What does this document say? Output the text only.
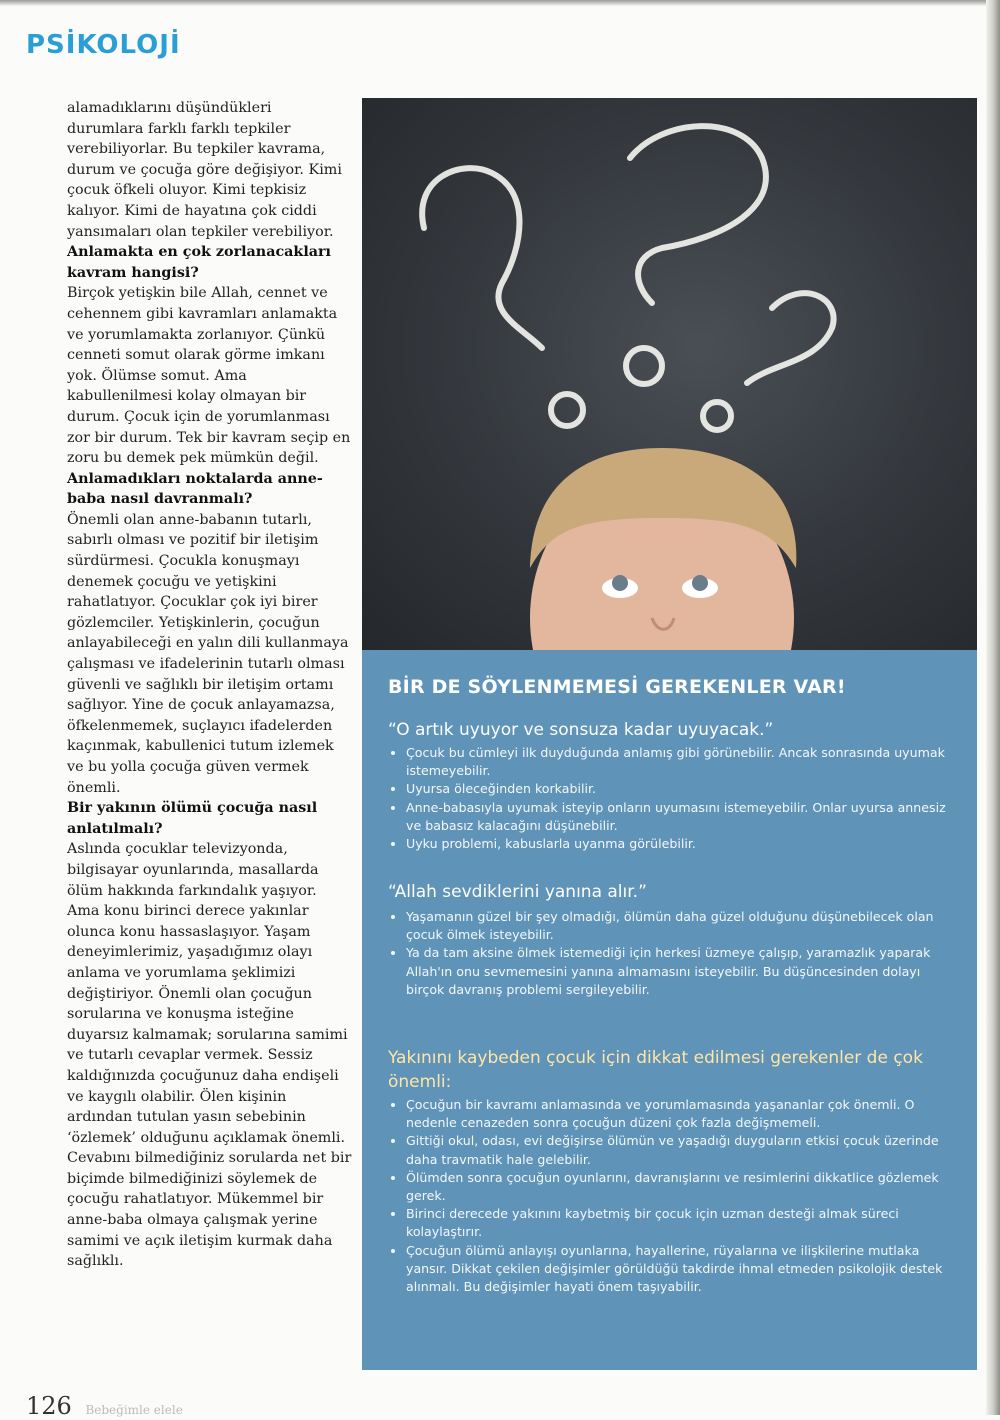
PSİKOLOJİ

alamadıklarını düşündükleri durumlara farklı farklı tepkiler verebiliyorlar. Bu tepkiler kavrama, durum ve çocuğa göre değişiyor. Kimi çocuk öfkeli oluyor. Kimi tepkisiz kalıyor. Kimi de hayatına çok ciddi yansımaları olan tepkiler verebiliyor.

Anlamakta en çok zorlanacakları kavram hangisi?

Birçok yetişkin bile Allah, cennet ve cehennem gibi kavramları anlamakta ve yorumlamakta zorlanıyor. Çünkü cenneti somut olarak görme imkanı yok. Ölümse somut. Ama kabullenilmesi kolay olmayan bir durum. Çocuk için de yorumlanması zor bir durum. Tek bir kavram seçip en zoru bu demek pek mümkün değil.

Anlamadıkları noktalarda anne-baba nasıl davranmalı?

Önemli olan anne-babanın tutarlı, sabırlı olması ve pozitif bir iletişim sürdürmesi. Çocukla konuşmayı denemek çocuğu ve yetişkini rahatlatıyor. Çocuklar çok iyi birer gözlemciler. Yetişkinlerin, çocuğun anlayabileceği en yalın dili kullanmaya çalışması ve ifadelerinin tutarlı olması güvenli ve sağlıklı bir iletişim ortamı sağlıyor. Yine de çocuk anlayamazsa, öfkelenmemek, suçlayıcı ifadelerden kaçınmak, kabullenici tutum izlemek ve bu yolla çocuğa güven vermek önemli.

Bir yakının ölümü çocuğa nasıl anlatılmalı?

Aslında çocuklar televizyonda, bilgisayar oyunlarında, masallarda ölüm hakkında farkındalık yaşıyor. Ama konu birinci derece yakınlar olunca konu hassaslaşıyor. Yaşam deneyimlerimiz, yaşadığımız olayı anlama ve yorumlama şeklimizi değiştiriyor. Önemli olan çocuğun sorularına ve konuşma isteğine duyarsız kalmamak; sorularına samimi ve tutarlı cevaplar vermek. Sessiz kaldığınızda çocuğunuz daha endişeli ve kaygılı olabilir. Ölen kişinin ardından tutulan yasın sebebinin ‘özlemek’ olduğunu açıklamak önemli. Cevabını bilmediğiniz sorularda net bir biçimde bilmediğinizi söylemek de çocuğu rahatlatıyor. Mükemmel bir anne-baba olmaya çalışmak yerine samimi ve açık iletişim kurmak daha sağlıklı.

BİR DE SÖYLENMEMESİ GEREKENLER VAR!
“O artık uyuyor ve sonsuza kadar uyuyacak.”
• Çocuk bu cümleyi ilk duyduğunda anlamış gibi görünebilir. Ancak sonrasında uyumak istemeyebilir.
• Uyursa öleceğinden korkabilir.
• Anne-babasıyla uyumak isteyip onların uyumasını istemeyebilir. Onlar uyursa annesiz ve babasız kalacağını düşünebilir.
• Uyku problemi, kabuslarla uyanma görülebilir.
“Allah sevdiklerini yanına alır.”
• Yaşamanın güzel bir şey olmadığı, ölümün daha güzel olduğunu düşünebilecek olan çocuk ölmek isteyebilir.
• Ya da tam aksine ölmek istemediği için herkesi üzmeye çalışıp, yaramazlık yaparak Allah'ın onu sevmemesini yanına almamasını isteyebilir. Bu düşüncesinden dolayı birçok davranış problemi sergileyebilir.
Yakınını kaybeden çocuk için dikkat edilmesi gerekenler de çok önemli:
• Çocuğun bir kavramı anlamasında ve yorumlamasında yaşananlar çok önemli. O nedenle cenazeden sonra çocuğun düzeni çok fazla değişmemeli.
• Gittiği okul, odası, evi değişirse ölümün ve yaşadığı duyguların etkisi çocuk üzerinde daha travmatik hale gelebilir.
• Ölümden sonra çocuğun oyunlarını, davranışlarını ve resimlerini dikkatlice gözlemek gerek.
• Birinci derecede yakınını kaybetmiş bir çocuk için uzman desteği almak süreci kolaylaştırır.
• Çocuğun ölümü anlayışı oyunlarına, hayallerine, rüyalarına ve ilişkilerine mutlaka yansır. Dikkat çekilen değişimler görüldüğü takdirde ihmal etmeden psikolojik destek alınmalı. Bu değişimler hayati önem taşıyabilir.
126 Bebeğimle elele
